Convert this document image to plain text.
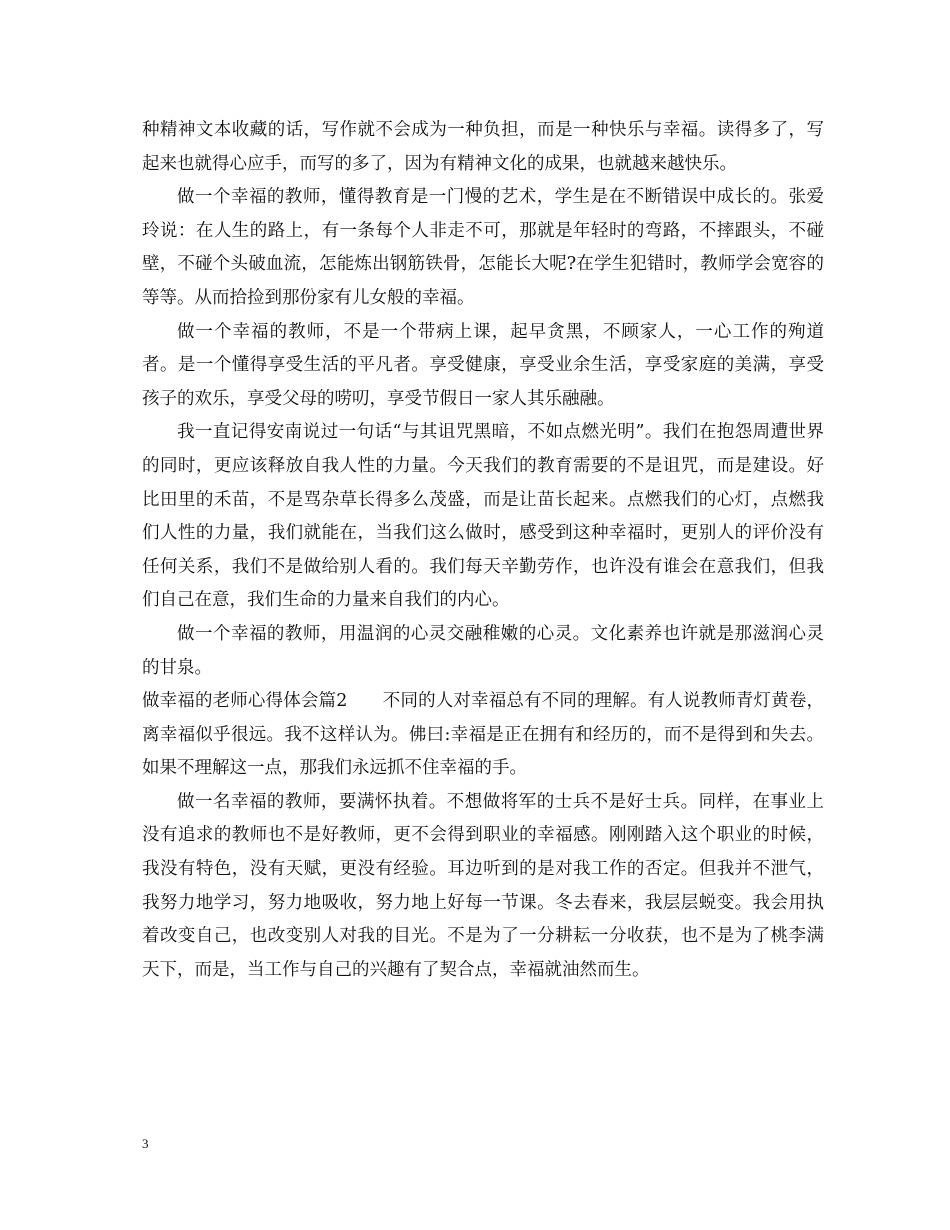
种精神文本收藏的话，写作就不会成为一种负担，而是一种快乐与幸福。读得多了，写起来也就得心应手，而写的多了，因为有精神文化的成果，也就越来越快乐。

做一个幸福的教师，懂得教育是一门慢的艺术，学生是在不断错误中成长的。张爱玲说：在人生的路上，有一条每个人非走不可，那就是年轻时的弯路，不摔跟头，不碰壁，不碰个头破血流，怎能炼出钢筋铁骨，怎能长大呢?在学生犯错时，教师学会宽容的等等。从而拾捡到那份家有儿女般的幸福。

做一个幸福的教师，不是一个带病上课，起早贪黑，不顾家人，一心工作的殉道者。是一个懂得享受生活的平凡者。享受健康，享受业余生活，享受家庭的美满，享受孩子的欢乐，享受父母的唠叨，享受节假日一家人其乐融融。

我一直记得安南说过一句话“与其诅咒黑暗，不如点燃光明”。我们在抱怨周遭世界的同时，更应该释放自我人性的力量。今天我们的教育需要的不是诅咒，而是建设。好比田里的禾苗，不是骂杂草长得多么茂盛，而是让苗长起来。点燃我们的心灯，点燃我们人性的力量，我们就能在，当我们这么做时，感受到这种幸福时，更别人的评价没有任何关系，我们不是做给别人看的。我们每天辛勤劳作，也许没有谁会在意我们，但我们自己在意，我们生命的力量来自我们的内心。

做一个幸福的教师，用温润的心灵交融稚嫩的心灵。文化素养也许就是那滋润心灵的甘泉。

做幸福的老师心得体会篇2　　不同的人对幸福总有不同的理解。有人说教师青灯黄卷，离幸福似乎很远。我不这样认为。佛曰:幸福是正在拥有和经历的，而不是得到和失去。如果不理解这一点，那我们永远抓不住幸福的手。

做一名幸福的教师，要满怀执着。不想做将军的士兵不是好士兵。同样，在事业上没有追求的教师也不是好教师，更不会得到职业的幸福感。刚刚踏入这个职业的时候，我没有特色，没有天赋，更没有经验。耳边听到的是对我工作的否定。但我并不泄气，我努力地学习，努力地吸收，努力地上好每一节课。冬去春来，我层层蜕变。我会用执着改变自己，也改变别人对我的目光。不是为了一分耕耘一分收获，也不是为了桃李满天下，而是，当工作与自己的兴趣有了契合点，幸福就油然而生。

3
